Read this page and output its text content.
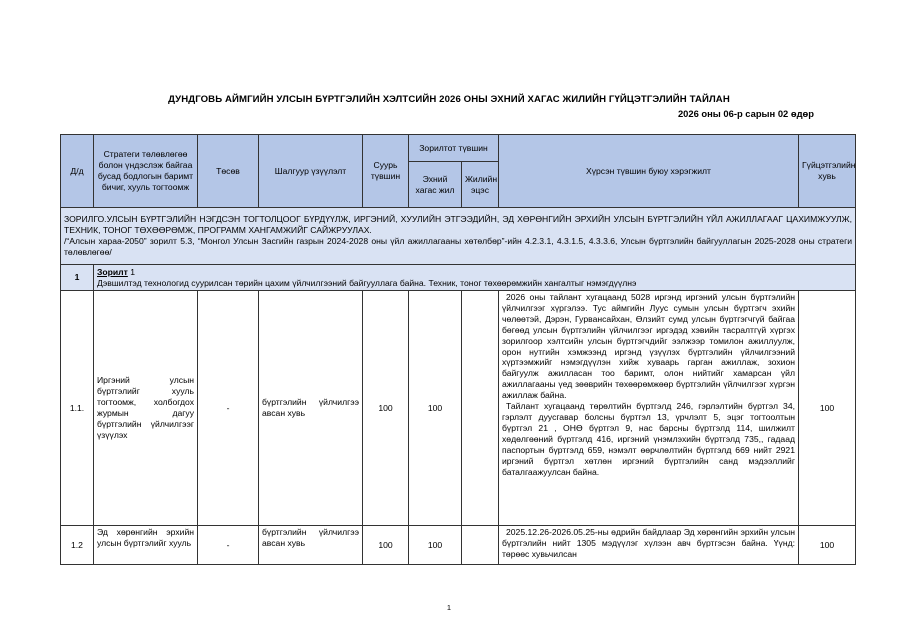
ДУНДГОВЬ АЙМГИЙН УЛСЫН БҮРТГЭЛИЙН ХЭЛТСИЙН 2026 ОНЫ ЭХНИЙ ХАГАС ЖИЛИЙН ГҮЙЦЭТГЭЛИЙН ТАЙЛАН
2026 оны 06-р сарын 02 өдөр
Д/д	Стратеги төлөвлөгөө болон үндэслэж байгаа бусад бодлогын баримт бичиг, хууль тогтоомж	Төсөв	Шалгуур үзүүлэлт	Суурь түвшин	Зорилтот түвшин		Хүрсэн түвшин буюу хэрэгжилт	Гүйцэтгэлийн хувь
					Эхний хагас жил	Жилийн эцэс		

ЗОРИЛГО.УЛСЫН БҮРТГЭЛИЙН НЭГДСЭН ТОГТОЛЦООГ БҮРДҮҮЛЖ, ИРГЭНИЙ, ХУУЛИЙН ЭТГЭЭДИЙН, ЭД ХӨРӨНГИЙН ЭРХИЙН УЛСЫН БҮРТГЭЛИЙН ҮЙЛ АЖИЛЛАГААГ ЦАХИМЖУУЛЖ, ТЕХНИК, ТОНОГ ТӨХӨӨРӨМЖ, ПРОГРАММ ХАНГАМЖИЙГ САЙЖРУУЛАХ.
/“Алсын хараа-2050” зорилт 5.3, “Монгол Улсын Засгийн газрын 2024-2028 оны үйл ажиллагааны хөтөлбөр”-ийн 4.2.3.1, 4.3.1.5, 4.3.3.6, Улсын бүртгэлийн байгууллагын 2025-2028 оны стратеги төлөвлөгөө/								

1	Зорилт 1
Дэвшилтэд технологид суурилсан төрийн цахим үйлчилгээний байгууллага байна. Техник, тоног төхөөрөмжийн хангалтыг нэмэгдүүлнэ							
1.1.	Иргэний улсын бүртгэлийг хууль тогтоомж, холбогдох журмын дагуу бүртгэлийн үйлчилгээг үзүүлэх	-	бүртгэлийн үйлчилгээ авсан хувь	100	100		2026 оны тайлант хугацаанд 5028 иргэнд иргэний улсын бүртгэлийн үйлчилгээг хүргэлээ. Тус аймгийн Луус сумын улсын бүртгэгч эхийн чөлөөтэй, Дэрэн, Гурвансайхан, Өлзийт сумд улсын бүртгэгчгүй байгаа бөгөөд улсын бүртгэлийн үйлчилгээг иргэдэд хэвийн тасралтгүй хүргэх зорилгоор хэлтсийн улсын бүртгэгчдийг ээлжээр томилон ажиллуулж, орон нутгийн хэмжээнд иргэнд үзүүлэх бүртгэлийн үйлчилгээний хүртээмжийг нэмэгдүүлэн хийж хуваарь гарган ажиллаж, зохион байгуулж ажилласан тоо баримт, олон нийтийг хамарсан үйл ажиллагааны үед зөөврийн төхөөрөмжөөр бүртгэлийн үйлчилгээг хүргэн ажиллаж байна.

Тайлант хугацаанд төрөлтийн бүртгэлд 246, гэрлэлтийн бүртгэл 34, гэрлэлт дуусгавар болсны бүртгэл 13, үрчлэлт 5, эцэг тогтоолтын бүртгэл 21 , ОНӨ бүртгэл 9, нас барсны бүртгэлд 114, шилжилт хөдөлгөөний бүртгэлд 416, иргэний үнэмлэхийн бүртгэлд 735,, гадаад паспортын бүртгэлд 659, нэмэлт өөрчлөлтийн бүртгэлд 669 нийт 2921 иргэний бүртгэл хөтлөн иргэний бүртгэлийн санд мэдээллийг баталгаажуулсан байна.	100
1.2	Эд хөрөнгийн эрхийн улсын бүртгэлийг хууль	-	бүртгэлийн үйлчилгээ авсан хувь	100	100		2025.12.26-2026.05.25-ны өдрийн байдлаар Эд хөрөнгийн эрхийн улсын бүртгэлийн нийт 1305 мэдүүлэг хүлээн авч бүртгэсэн байна. Үүнд: төрөөс хувьчилсан	100
1
